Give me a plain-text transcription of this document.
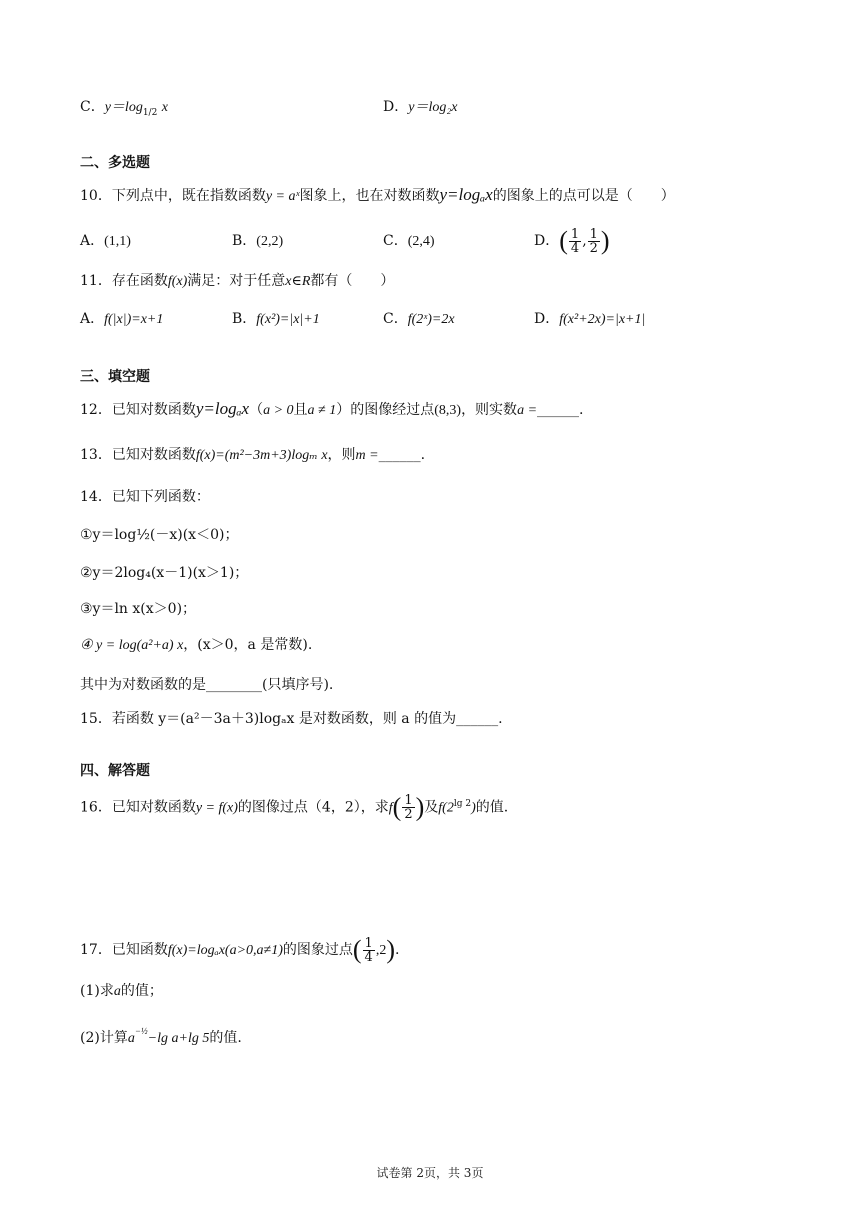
C．$y=\log_{1/2}$ x	D．y＝log₂x
二、多选题
10．下列点中，既在指数函数y = aˣ图象上，也在对数函数y=logₐx的图象上的点可以是（　　）
A．(1,1)	B．(2,2)	C．(2,4)	D．( $\frac{1}{4}$ , $\frac{1}{2}$ )
11．存在函数f(x)满足：对于任意x∈R都有（　　）
A．f(|x|)=x+1	B．f(x²)=|x|+1	C．f(2ˣ)=2x	D．f(x²+2x)=|x+1|
三、填空题
12．已知对数函数y=logₐx（a > 0且a ≠ 1）的图像经过点(8,3)，则实数a =______.
13．已知对数函数f(x)=(m²−3m+3)logₘ x，则m =______.
14．已知下列函数：
①y＝log½(－x)(x＜0)；
②y＝2log₄(x－1)(x＞1)；
③y＝ln x(x＞0)；
④ y = log(a²+a) x，(x＞0，a 是常数).
其中为对数函数的是________(只填序号).
15．若函数 y＝(a²－3a＋3)logₐx 是对数函数，则 a 的值为______.
四、解答题
16．已知对数函数y = f(x)的图像过点（4，2），求$f( \frac{1}{2}$ )及$f(2^{lg 2})$的值.
17．已知函数f(x)=logₐx(a>0,a≠1)的图象过点( $\frac{1}{4} ,2$).
(1)求a的值；
(2)计算$a^{-\frac{1}{2}}-\lg$ a+lg 5的值.
试卷第 2页，共 3页
